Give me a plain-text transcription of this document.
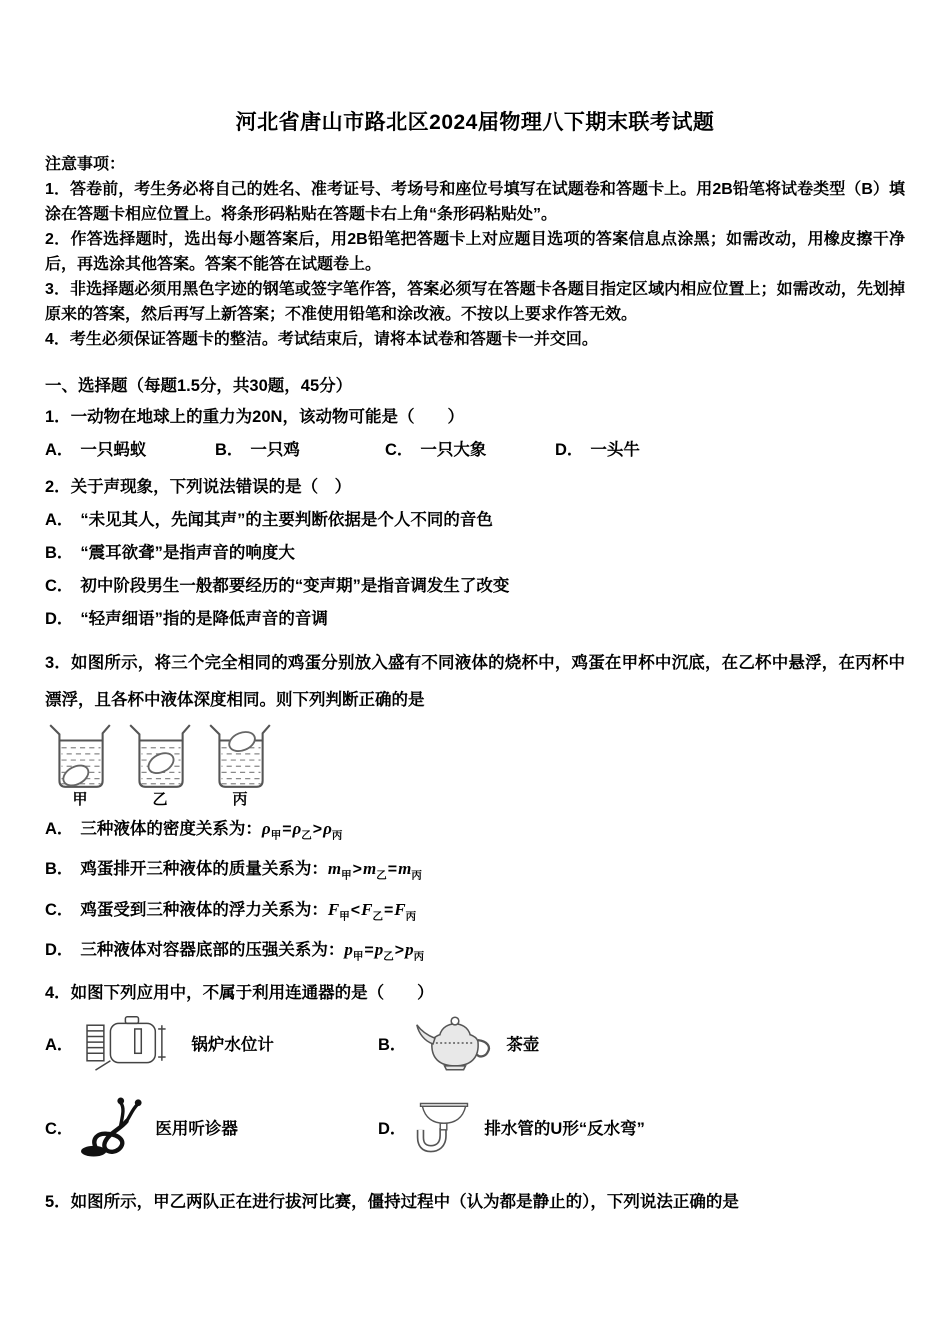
河北省唐山市路北区2024届物理八下期末联考试题

注意事项：

1．答卷前，考生务必将自己的姓名、准考证号、考场号和座位号填写在试题卷和答题卡上。用2B铅笔将试卷类型（B）填涂在答题卡相应位置上。将条形码粘贴在答题卡右上角“条形码粘贴处”。

2．作答选择题时，选出每小题答案后，用2B铅笔把答题卡上对应题目选项的答案信息点涂黑；如需改动，用橡皮擦干净后，再选涂其他答案。答案不能答在试题卷上。

3．非选择题必须用黑色字迹的钢笔或签字笔作答，答案必须写在答题卡各题目指定区域内相应位置上；如需改动，先划掉原来的答案，然后再写上新答案；不准使用铅笔和涂改液。不按以上要求作答无效。

4．考生必须保证答题卡的整洁。考试结束后，请将本试卷和答题卡一并交回。

一、选择题（每题1.5分，共30题，45分）
1．一动物在地球上的重力为20N，该动物可能是（　　）
A． 一只蚂蚁	B． 一只鸡	C． 一只大象	D． 一头牛
2．关于声现象，下列说法错误的是（　）
A． “未见其人，先闻其声”的主要判断依据是个人不同的音色
B． “震耳欲聋”是指声音的响度大
C． 初中阶段男生一般都要经历的“变声期”是指音调发生了改变
D． “轻声细语”指的是降低声音的音调
3．如图所示，将三个完全相同的鸡蛋分别放入盛有不同液体的烧杯中，鸡蛋在甲杯中沉底，在乙杯中悬浮，在丙杯中漂浮，且各杯中液体深度相同。则下列判断正确的是
甲	乙	丙
A． 三种液体的密度关系为：$\rho_甲=\rho_乙>\rho_丙$
B． 鸡蛋排开三种液体的质量关系为：$m_甲>m_乙=m_丙$
C． 鸡蛋受到三种液体的浮力关系为：$F_甲<F_乙=F_丙$
D． 三种液体对容器底部的压强关系为：$p_甲=p_乙>p_丙$
4．如图下列应用中，不属于利用连通器的是（　　）
A．	锅炉水位计	B．	茶壶
C．	医用听诊器	D．	排水管的U形“反水弯”
5．如图所示，甲乙两队正在进行拔河比赛，僵持过程中（认为都是静止的），下列说法正确的是
